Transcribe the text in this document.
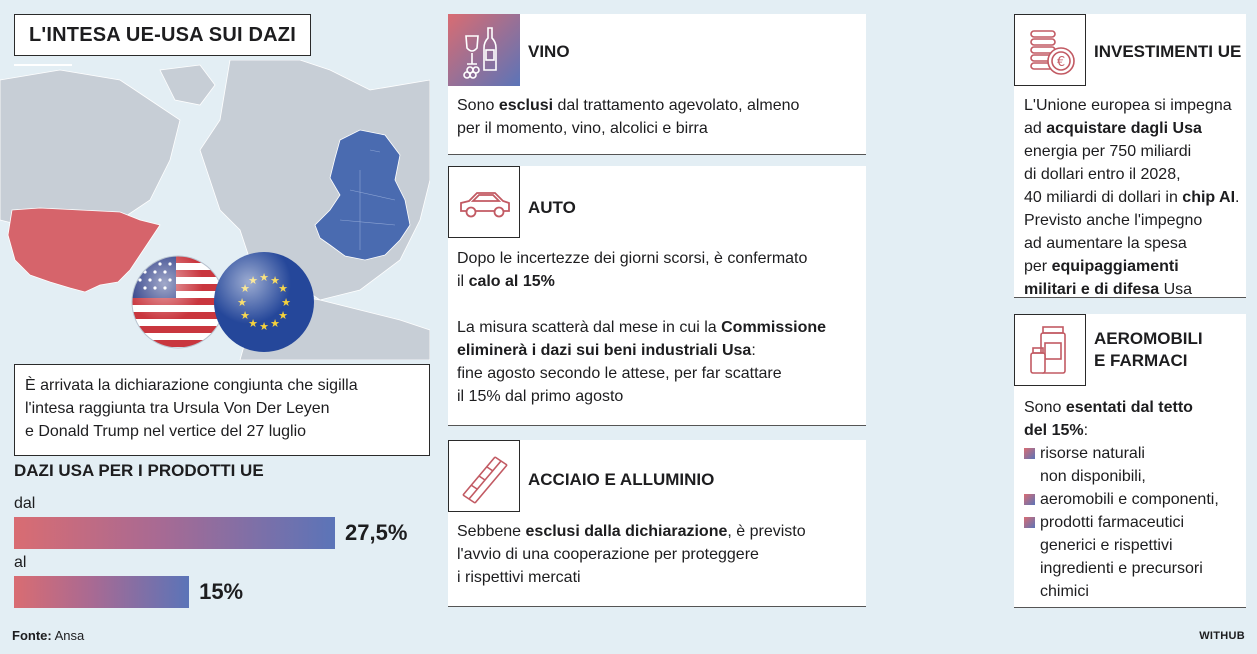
L'INTESA UE-USA SUI DAZI
È arrivata la dichiarazione congiunta che sigilla
l'intesa raggiunta tra Ursula Von Der Leyen
e Donald Trump nel vertice del 27 luglio
DAZI USA PER I PRODOTTI UE
dal
27,5%
al
15%
VINO
Sono esclusi dal trattamento agevolato, almeno
per il momento, vino, alcolici e birra
AUTO
Dopo le incertezze dei giorni scorsi, è confermato
il calo al 15%
La misura scatterà dal mese in cui la Commissione
eliminerà i dazi sui beni industriali Usa:
fine agosto secondo le attese, per far scattare
il 15% dal primo agosto
ACCIAIO E ALLUMINIO
Sebbene esclusi dalla dichiarazione, è previsto
l'avvio di una cooperazione per proteggere
i rispettivi mercati
€
INVESTIMENTI UE
L'Unione europea si impegna
ad acquistare dagli Usa
energia per 750 miliardi
di dollari entro il 2028,
40 miliardi di dollari in chip AI.
Previsto anche l'impegno
ad aumentare la spesa
per equipaggiamenti
militari e di difesa Usa
AEROMOBILI
E FARMACI
Sono esentati dal tetto
del 15%:
risorse naturali
non disponibili,
aeromobili e componenti,
prodotti farmaceutici
generici e rispettivi
ingredienti e precursori
chimici
Fonte: Ansa	WITHUB
